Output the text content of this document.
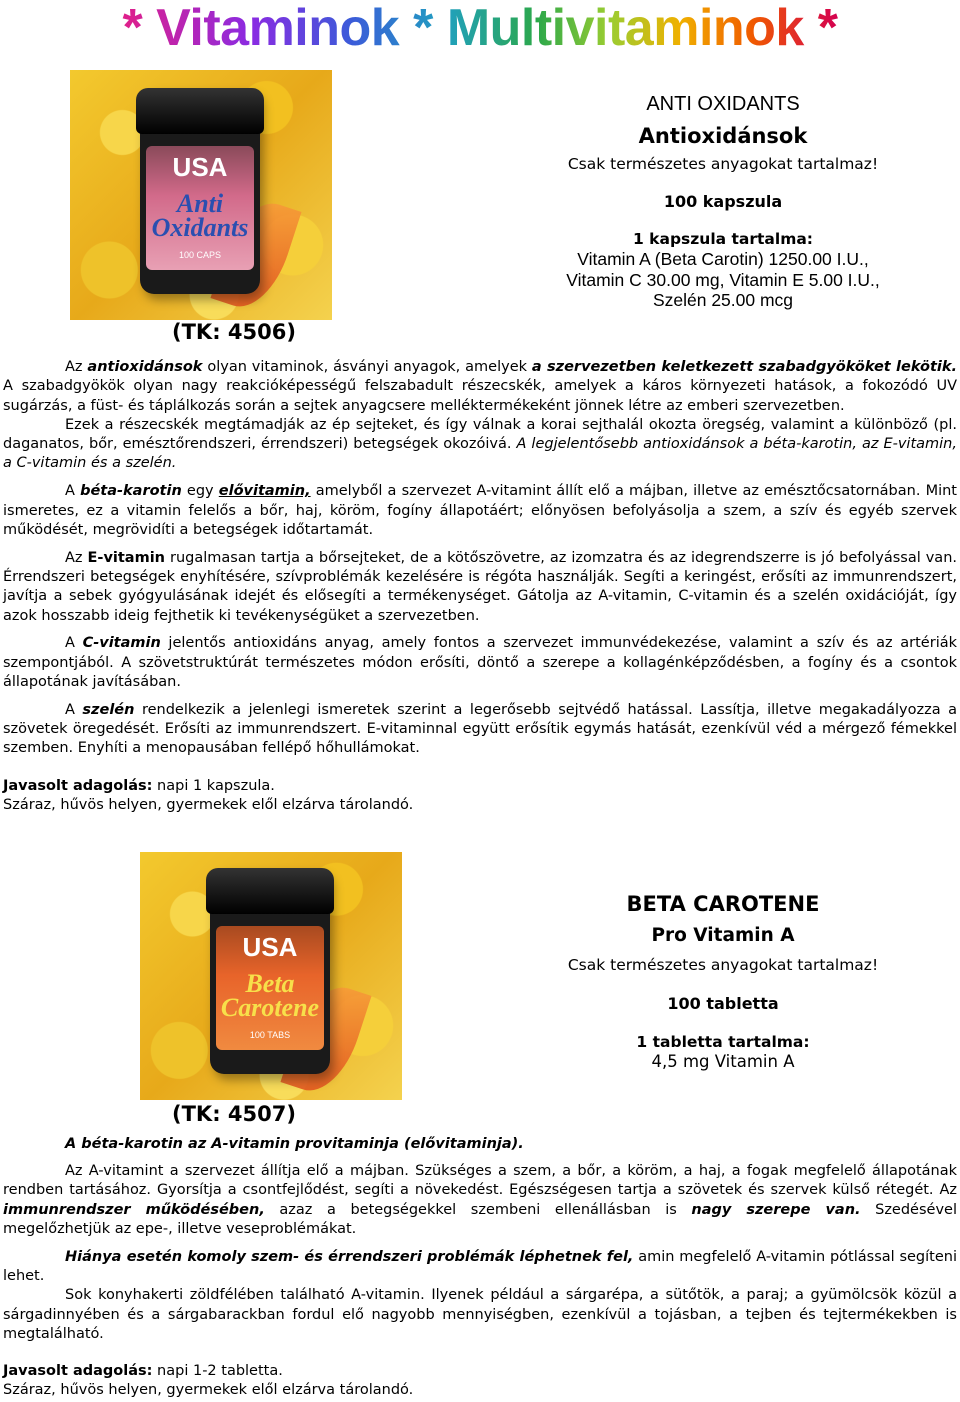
* Vitaminok * Multivitaminok *
USA
Anti Oxidants
100 CAPS
(TK: 4506)
ANTI OXIDANTS
Antioxidánsok
Csak természetes anyagokat tartalmaz!
100 kapszula
1 kapszula tartalma:
Vitamin A (Beta Carotin) 1250.00 I.U.,
Vitamin C 30.00 mg, Vitamin E 5.00 I.U.,
Szelén 25.00 mcg

Az antioxidánsok olyan vitaminok, ásványi anyagok, amelyek a szervezetben keletkezett szabadgyököket lekötik. A szabadgyökök olyan nagy reakcióképességű felszabadult részecskék, amelyek a káros környezeti hatások, a fokozódó UV sugárzás, a füst- és táplálkozás során a sejtek anyagcsere melléktermékeként jönnek létre az emberi szervezetben.

Ezek a részecskék megtámadják az ép sejteket, és így válnak a korai sejthalál okozta öregség, valamint a különböző (pl. daganatos, bőr, emésztőrendszeri, érrendszeri) betegségek okozóivá. A legjelentősebb antioxidánsok a béta-karotin, az E-vitamin, a C-vitamin és a szelén.

A béta-karotin egy elővitamin, amelyből a szervezet A-vitamint állít elő a májban, illetve az emésztőcsatornában. Mint ismeretes, ez a vitamin felelős a bőr, haj, köröm, fogíny állapotáért; előnyösen befolyásolja a szem, a szív és egyéb szervek működését, megrövidíti a betegségek időtartamát.

Az E-vitamin rugalmasan tartja a bőrsejteket, de a kötőszövetre, az izomzatra és az idegrendszerre is jó befolyással van. Érrendszeri betegségek enyhítésére, szívproblémák kezelésére is régóta használják. Segíti a keringést, erősíti az immunrendszert, javítja a sebek gyógyulásának idejét és elősegíti a termékenységet. Gátolja az A-vitamin, C-vitamin és a szelén oxidációját, így azok hosszabb ideig fejthetik ki tevékenységüket a szervezetben.

A C-vitamin jelentős antioxidáns anyag, amely fontos a szervezet immunvédekezése, valamint a szív és az artériák szempontjából. A szövetstruktúrát természetes módon erősíti, döntő a szerepe a kollagénképződésben, a fogíny és a csontok állapotának javításában.

A szelén rendelkezik a jelenlegi ismeretek szerint a legerősebb sejtvédő hatással. Lassítja, illetve megakadályozza a szövetek öregedését. Erősíti az immunrendszert. E-vitaminnal együtt erősítik egymás hatását, ezenkívül véd a mérgező fémekkel szemben. Enyhíti a menopausában fellépő hőhullámokat.

Javasolt adagolás: napi 1 kapszula.

Száraz, hűvös helyen, gyermekek elől elzárva tárolandó.

USA
Beta Carotene
100 TABS
(TK: 4507)
BETA CAROTENE
Pro Vitamin A
Csak természetes anyagokat tartalmaz!
100 tabletta
1 tabletta tartalma:
4,5 mg Vitamin A
A béta-karotin az A-vitamin provitaminja (elővitaminja).

Az A-vitamint a szervezet állítja elő a májban. Szükséges a szem, a bőr, a köröm, a haj, a fogak megfelelő állapotának rendben tartásához. Gyorsítja a csontfejlődést, segíti a növekedést. Egészségesen tartja a szövetek és szervek külső rétegét. Az immunrendszer működésében, azaz a betegségekkel szembeni ellenállásban is nagy szerepe van. Szedésével megelőzhetjük az epe-, illetve veseproblémákat.

Hiánya esetén komoly szem- és érrendszeri problémák léphetnek fel, amin megfelelő A-vitamin pótlással segíteni lehet.

Sok konyhakerti zöldfélében található A-vitamin. Ilyenek például a sárgarépa, a sütőtök, a paraj; a gyümölcsök közül a sárgadinnyében és a sárgabarackban fordul elő nagyobb mennyiségben, ezenkívül a tojásban, a tejben és tejtermékekben is megtalálható.

Javasolt adagolás: napi 1-2 tabletta.

Száraz, hűvös helyen, gyermekek elől elzárva tárolandó.
